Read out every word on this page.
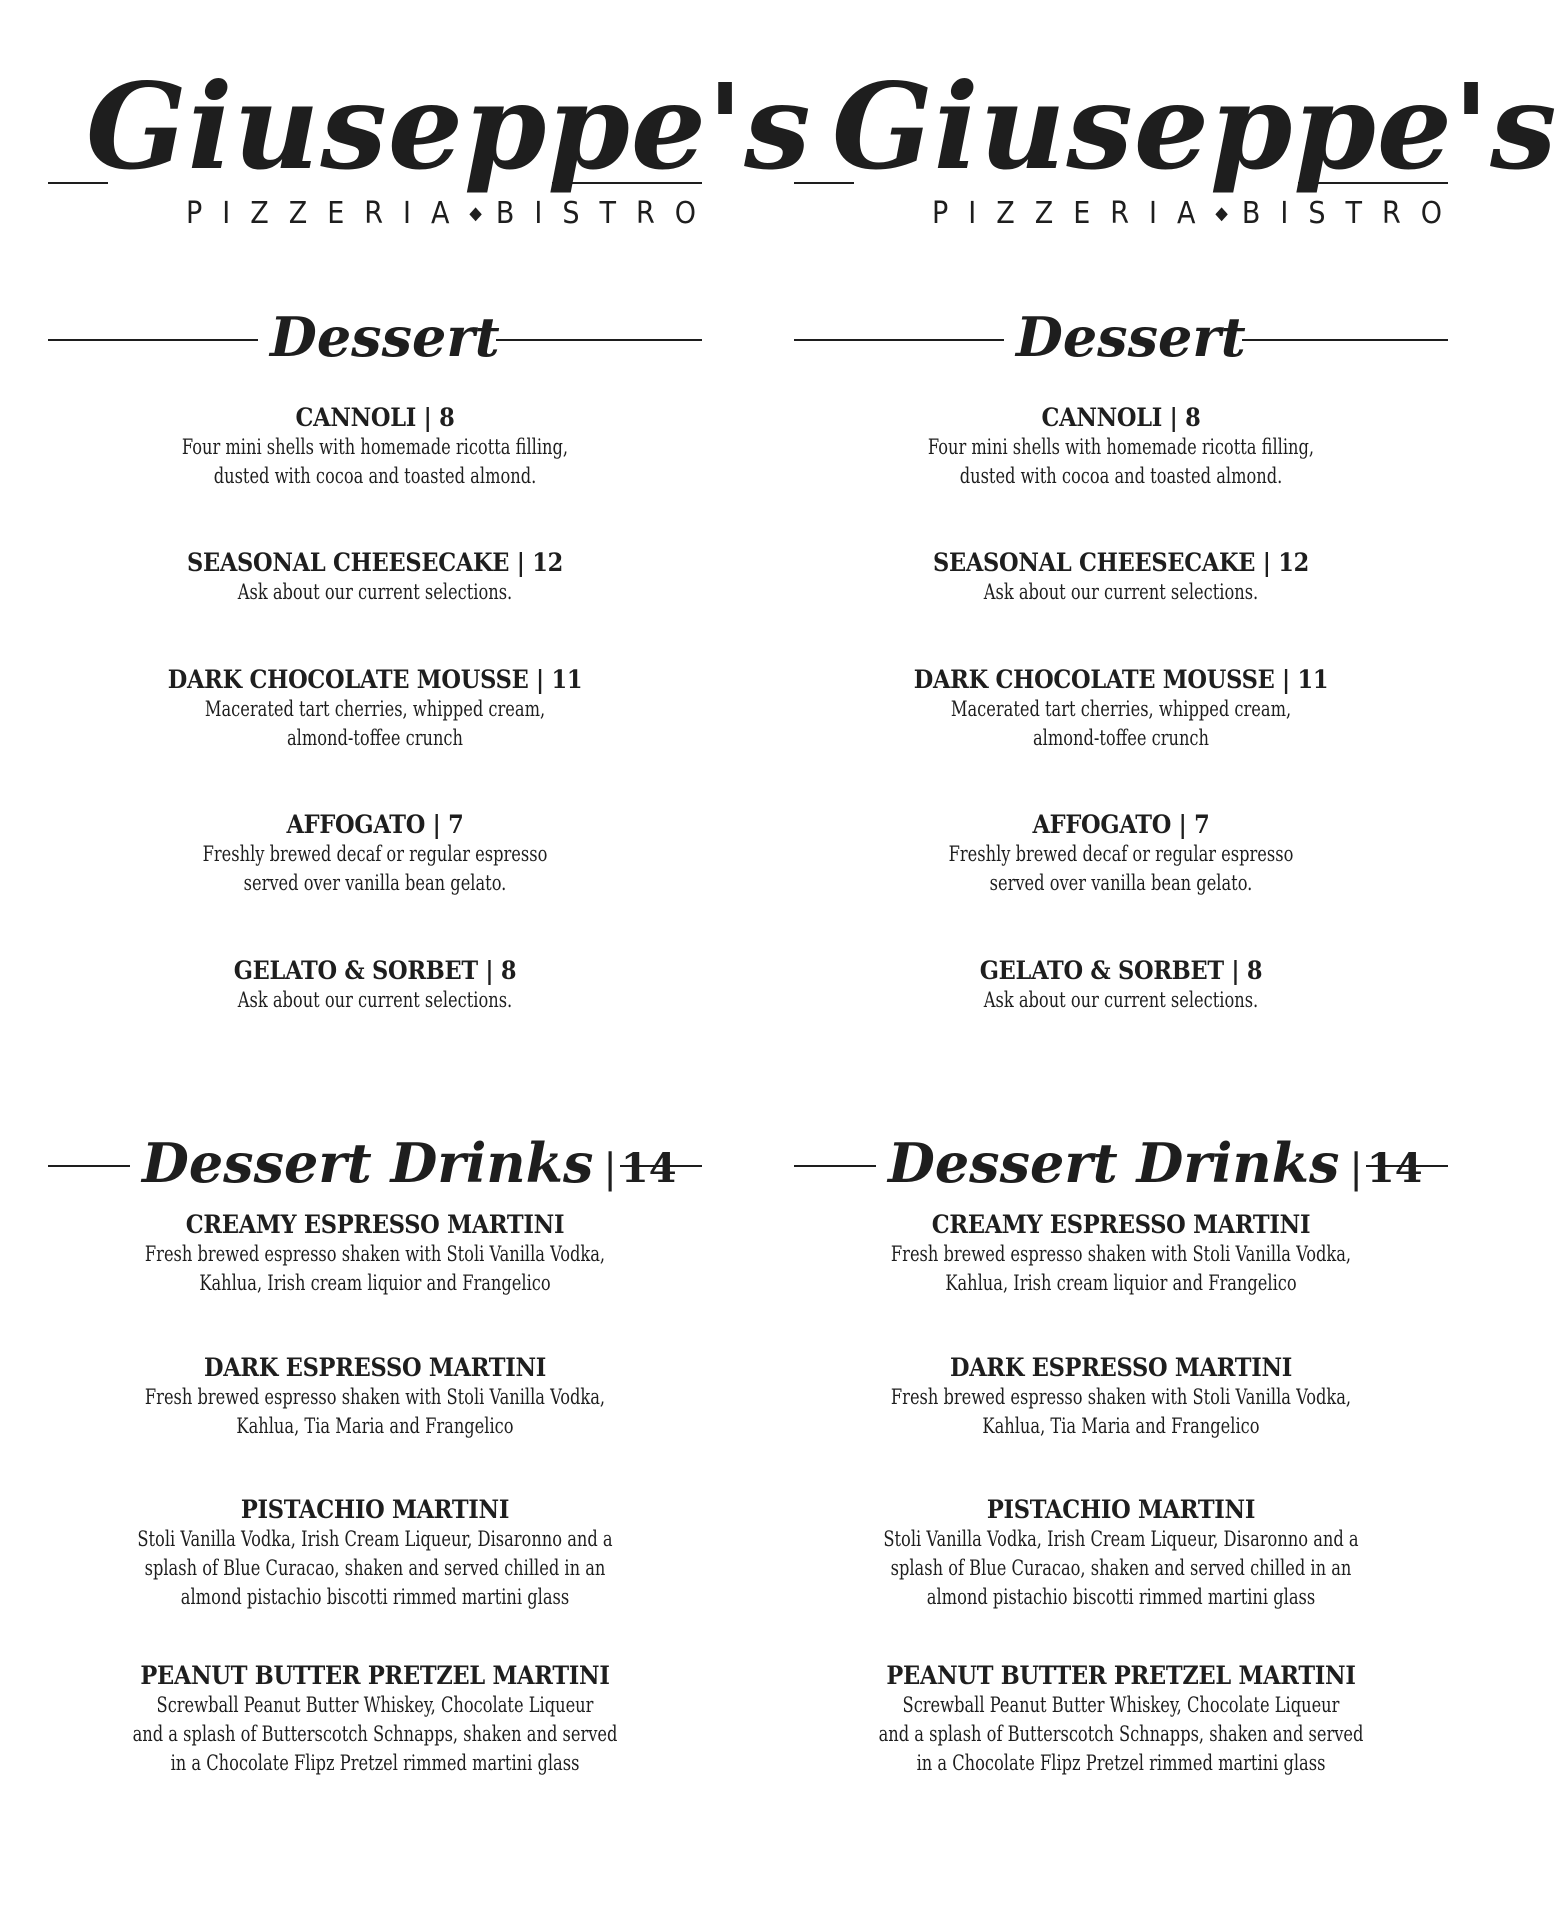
Giuseppe's
PIZZERIA◆BISTRO
Dessert
CANNOLI | 8
Four mini shells with homemade ricotta filling,
dusted with cocoa and toasted almond.
SEASONAL CHEESECAKE | 12
Ask about our current selections.
DARK CHOCOLATE MOUSSE | 11
Macerated tart cherries, whipped cream,
almond-toffee crunch
AFFOGATO | 7
Freshly brewed decaf or regular espresso
served over vanilla bean gelato.
GELATO & SORBET | 8
Ask about our current selections.
Dessert Drinks | 14
CREAMY ESPRESSO MARTINI
Fresh brewed espresso shaken with Stoli Vanilla Vodka,
Kahlua, Irish cream liquior and Frangelico
DARK ESPRESSO MARTINI
Fresh brewed espresso shaken with Stoli Vanilla Vodka,
Kahlua, Tia Maria and Frangelico
PISTACHIO MARTINI
Stoli Vanilla Vodka, Irish Cream Liqueur, Disaronno and a
splash of Blue Curacao, shaken and served chilled in an
almond pistachio biscotti rimmed martini glass
PEANUT BUTTER PRETZEL MARTINI
Screwball Peanut Butter Whiskey, Chocolate Liqueur
and a splash of Butterscotch Schnapps, shaken and served
in a Chocolate Flipz Pretzel rimmed martini glass
Giuseppe's
PIZZERIA◆BISTRO
Dessert
CANNOLI | 8
Four mini shells with homemade ricotta filling,
dusted with cocoa and toasted almond.
SEASONAL CHEESECAKE | 12
Ask about our current selections.
DARK CHOCOLATE MOUSSE | 11
Macerated tart cherries, whipped cream,
almond-toffee crunch
AFFOGATO | 7
Freshly brewed decaf or regular espresso
served over vanilla bean gelato.
GELATO & SORBET | 8
Ask about our current selections.
Dessert Drinks | 14
CREAMY ESPRESSO MARTINI
Fresh brewed espresso shaken with Stoli Vanilla Vodka,
Kahlua, Irish cream liquior and Frangelico
DARK ESPRESSO MARTINI
Fresh brewed espresso shaken with Stoli Vanilla Vodka,
Kahlua, Tia Maria and Frangelico
PISTACHIO MARTINI
Stoli Vanilla Vodka, Irish Cream Liqueur, Disaronno and a
splash of Blue Curacao, shaken and served chilled in an
almond pistachio biscotti rimmed martini glass
PEANUT BUTTER PRETZEL MARTINI
Screwball Peanut Butter Whiskey, Chocolate Liqueur
and a splash of Butterscotch Schnapps, shaken and served
in a Chocolate Flipz Pretzel rimmed martini glass
